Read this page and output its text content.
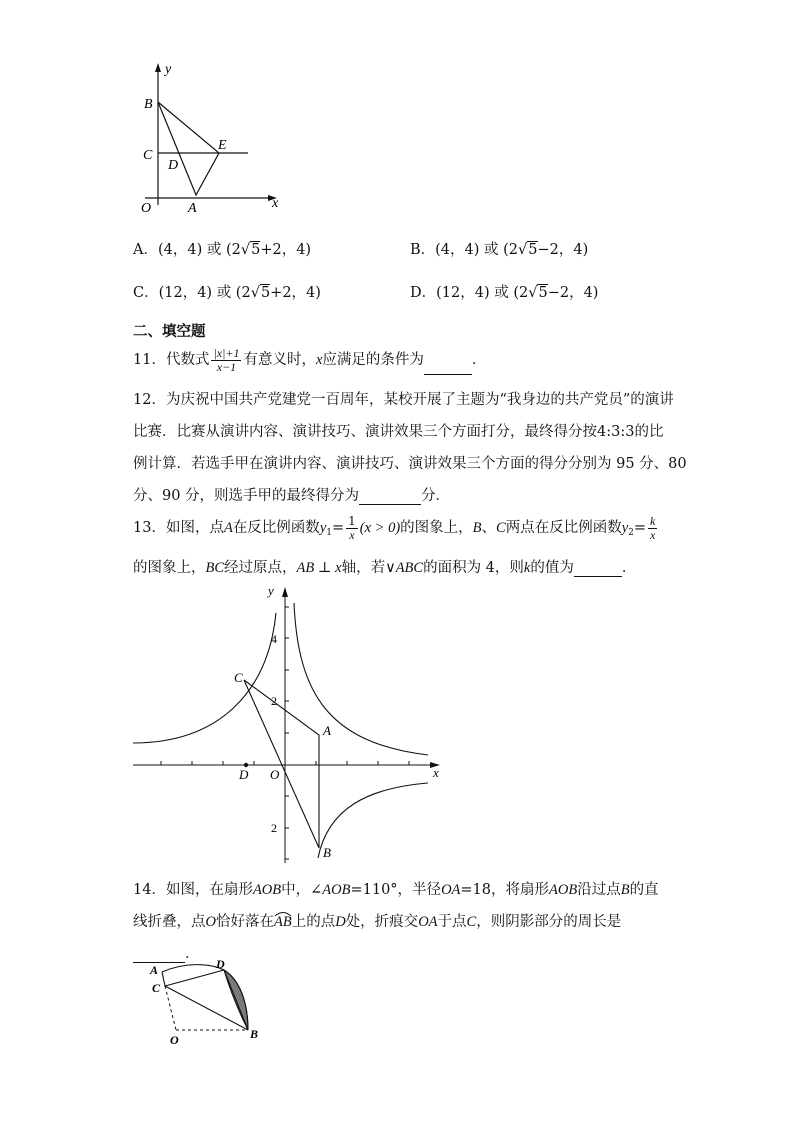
y
x
O	A
B
C
D
E
A．(4，4) 或 (2√5+2，4)	B．(4，4) 或 (2√5−2，4)
C．(12，4) 或 (2√5+2，4)	D．(12，4) 或 (2√5−2，4)
二、填空题
11．代数式 $\frac{|x|+1}{x-1}$ 有意义时，x应满足的条件为	．
12．为庆祝中国共产党建党一百周年，某校开展了主题为“我身边的共产党员”的演讲
比赛．比赛从演讲内容、演讲技巧、演讲效果三个方面打分，最终得分按4:3:3的比
例计算．若选手甲在演讲内容、演讲技巧、演讲效果三个方面的得分分别为 95 分、80
分、90 分，则选手甲的最终得分为	分．
13．如图，点A在反比例函数$y_1= \frac{1}{x} (x > 0)$的图象上，B、C两点在反比例函数$y_2= \frac{k}{x}$
的图象上，BC经过原点，AB ⊥ x轴，若∨ABC的面积为 4，则k的值为	．
y
x
O
D
A
B
C
4
2
2
14．如图，在扇形AOB中，∠AOB=110°，半径OA=18，将扇形AOB沿过点B的直
线折叠，点O恰好落在AB
上的点D处，折痕交OA于点C，则阴影部分的周长是
．
A	D
C
O	B
